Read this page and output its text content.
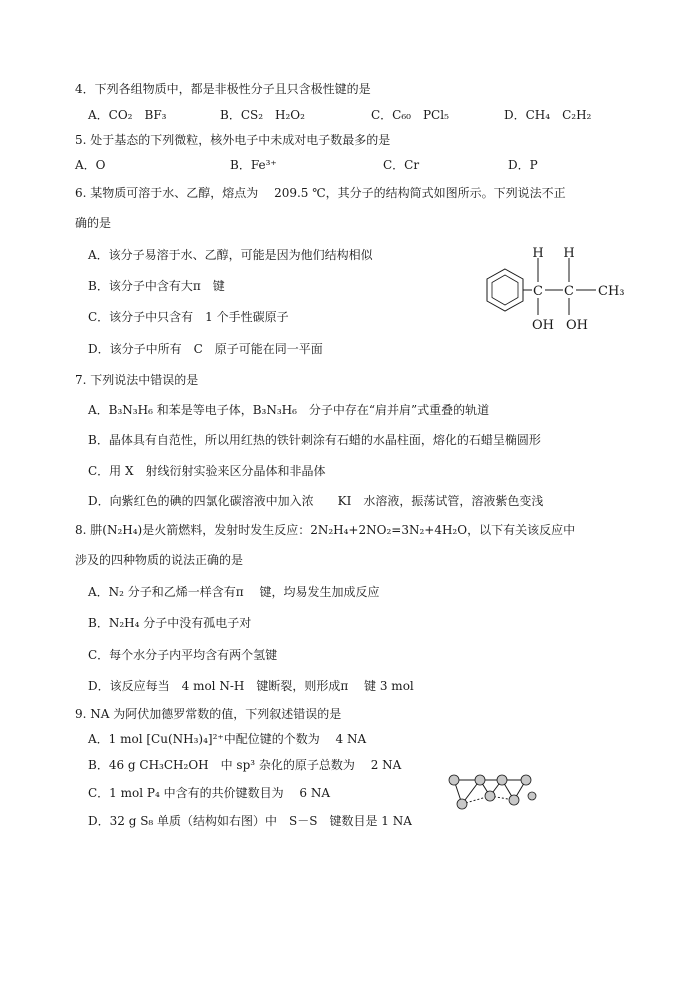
4．下列各组物质中，都是非极性分子且只含极性键的是
A．CO₂　BF₃	B．CS₂　H₂O₂	C．C₆₀　PCl₅	D．CH₄　C₂H₂
5. 处于基态的下列微粒，核外电子中未成对电子数最多的是
A．O	B．Fe³⁺	C．Cr	D．P
6. 某物质可溶于水、乙醇，熔点为　 209.5 ℃，其分子的结构简式如图所示。下列说法不正
确的是
A．该分子易溶于水、乙醇，可能是因为他们结构相似
B．该分子中含有大π　键
C．该分子中只含有　1 个手性碳原子
D．该分子中所有　C　原子可能在同一平面
H H
C C CH₃
OH OH
7. 下列说法中错误的是
A．B₃N₃H₆ 和苯是等电子体，B₃N₃H₆　分子中存在“肩并肩”式重叠的轨道
B．晶体具有自范性，所以用红热的铁针刺涂有石蜡的水晶柱面，熔化的石蜡呈椭圆形
C．用 X　射线衍射实验来区分晶体和非晶体
D．向紫红色的碘的四氯化碳溶液中加入浓　　KI　水溶液，振荡试管，溶液紫色变浅
8. 肼(N₂H₄)是火箭燃料，发射时发生反应：2N₂H₄+2NO₂=3N₂+4H₂O，以下有关该反应中
涉及的四种物质的说法正确的是
A．N₂ 分子和乙烯一样含有π　 键，均易发生加成反应
B．N₂H₄ 分子中没有孤电子对
C．每个水分子内平均含有两个氢键
D．该反应每当　4 mol N-H　键断裂，则形成π　 键 3 mol
9. NA 为阿伏加德罗常数的值，下列叙述错误的是
A．1 mol [Cu(NH₃)₄]²⁺中配位键的个数为　 4 NA
B．46 g CH₃CH₂OH　中 sp³ 杂化的原子总数为　 2 NA
C．1 mol P₄ 中含有的共价键数目为　 6 NA
D．32 g S₈ 单质（结构如右图）中　S－S　键数目是 1 NA
